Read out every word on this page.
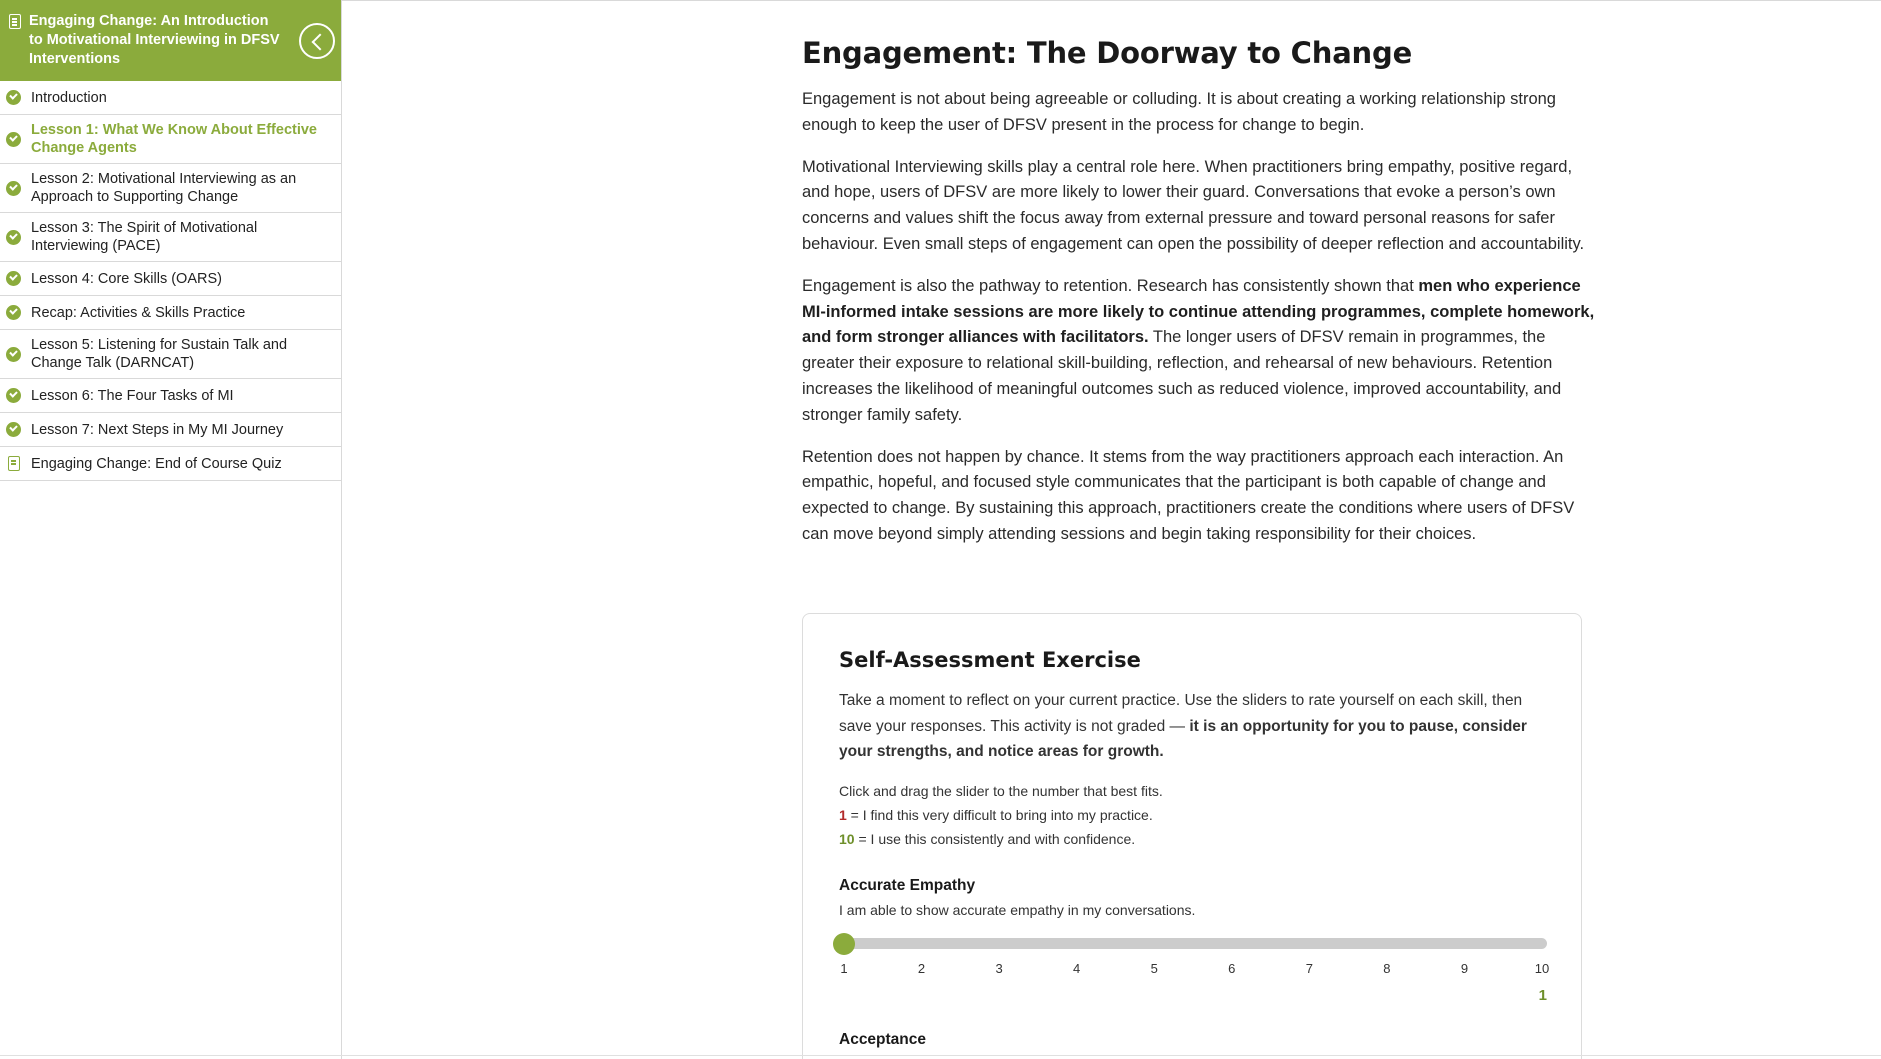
Engaging Change: An Introduction to Motivational Interviewing in DFSV Interventions
Introduction
Lesson 1: What We Know About Effective Change Agents
Lesson 2: Motivational Interviewing as an Approach to Supporting Change
Lesson 3: The Spirit of Motivational Interviewing (PACE)
Lesson 4: Core Skills (OARS)
Recap: Activities & Skills Practice
Lesson 5: Listening for Sustain Talk and Change Talk (DARNCAT)
Lesson 6: The Four Tasks of MI
Lesson 7: Next Steps in My MI Journey
Engaging Change: End of Course Quiz
Engagement: The Doorway to Change

Engagement is not about being agreeable or colluding. It is about creating a working relationship strong enough to keep the user of DFSV present in the process for change to begin.

Motivational Interviewing skills play a central role here. When practitioners bring empathy, positive regard, and hope, users of DFSV are more likely to lower their guard. Conversations that evoke a person’s own concerns and values shift the focus away from external pressure and toward personal reasons for safer behaviour. Even small steps of engagement can open the possibility of deeper reflection and accountability.

Engagement is also the pathway to retention. Research has consistently shown that men who experience MI-informed intake sessions are more likely to continue attending programmes, complete homework, and form stronger alliances with facilitators. The longer users of DFSV remain in programmes, the greater their exposure to relational skill-building, reflection, and rehearsal of new behaviours. Retention increases the likelihood of meaningful outcomes such as reduced violence, improved accountability, and stronger family safety.

Retention does not happen by chance. It stems from the way practitioners approach each interaction. An empathic, hopeful, and focused style communicates that the participant is both capable of change and expected to change. By sustaining this approach, practitioners create the conditions where users of DFSV can move beyond simply attending sessions and begin taking responsibility for their choices.

Self-Assessment Exercise

Take a moment to reflect on your current practice. Use the sliders to rate yourself on each skill, then save your responses. This activity is not graded — it is an opportunity for you to pause, consider your strengths, and notice areas for growth.

Click and drag the slider to the number that best fits.
1 = I find this very difficult to bring into my practice.
10 = I use this consistently and with confidence.
Accurate Empathy
I am able to show accurate empathy in my conversations.
1	2	3	4	5	6	7	8	9	10
1
Acceptance
